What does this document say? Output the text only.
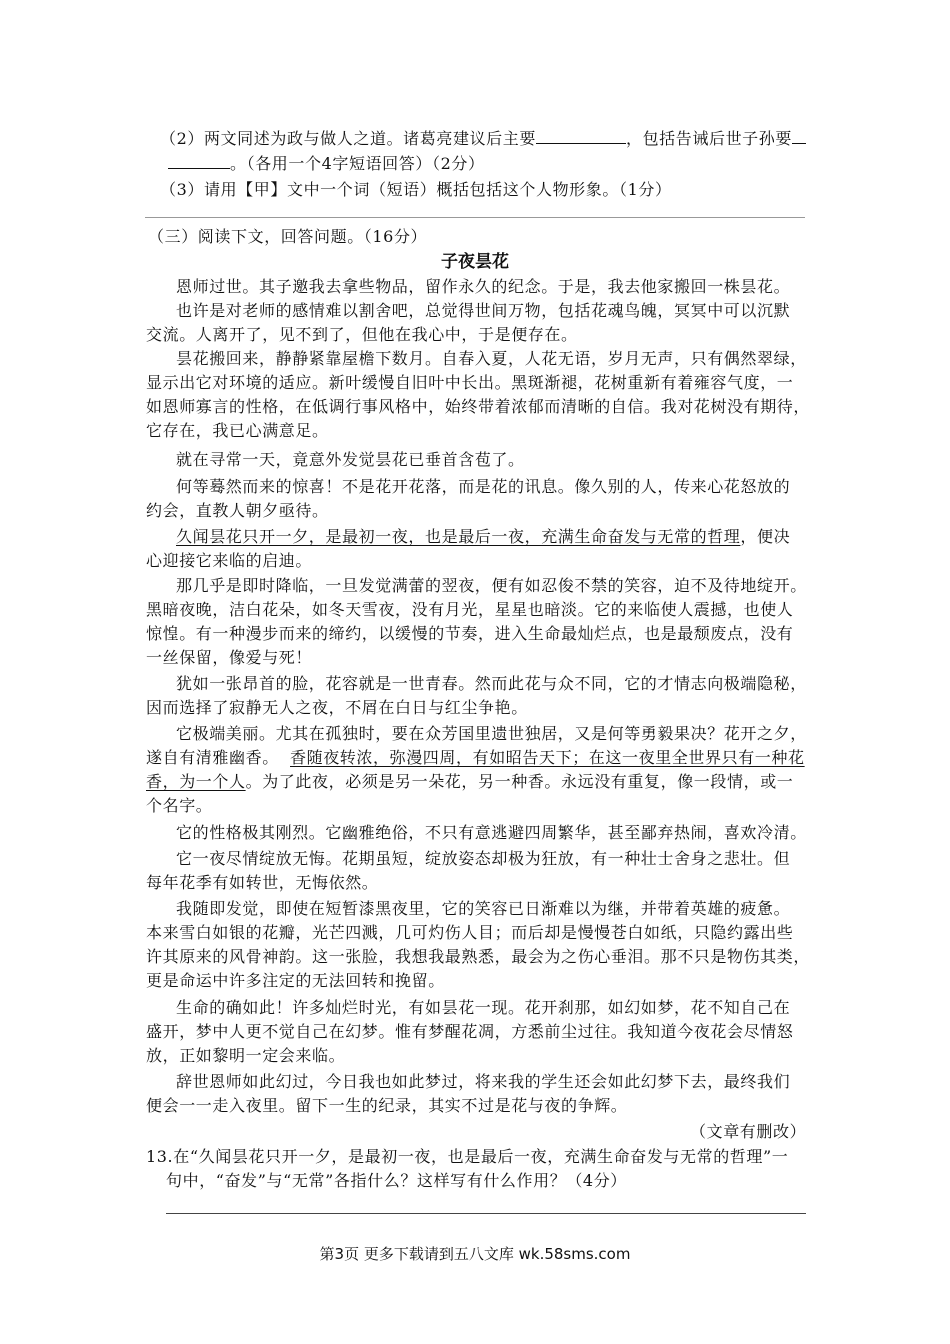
（2）两文同述为政与做人之道。诸葛亮建议后主要	，包括告诫后世子孙要
。（各用一个4字短语回答）（2分）
（3）请用【甲】文中一个词（短语）概括包括这个人物形象。（1分）
（三）阅读下文，回答问题。（16分）
子夜昙花
恩师过世。其子邀我去拿些物品，留作永久的纪念。于是，我去他家搬回一株昙花。
也许是对老师的感情难以割舍吧，总觉得世间万物，包括花魂鸟魄，冥冥中可以沉默
交流。人离开了，见不到了，但他在我心中，于是便存在。
昙花搬回来，静静紧靠屋檐下数月。自春入夏，人花无语，岁月无声，只有偶然翠绿，
显示出它对环境的适应。新叶缓慢自旧叶中长出。黑斑渐褪，花树重新有着雍容气度，一
如恩师寡言的性格，在低调行事风格中，始终带着浓郁而清晰的自信。我对花树没有期待，
它存在，我已心满意足。
就在寻常一天，竟意外发觉昙花已垂首含苞了。
何等蓦然而来的惊喜！不是花开花落，而是花的讯息。像久别的人，传来心花怒放的
约会，直教人朝夕亟待。
久闻昙花只开一夕，是最初一夜，也是最后一夜，充满生命奋发与无常的哲理，便决
心迎接它来临的启迪。
那几乎是即时降临，一旦发觉满蕾的翌夜，便有如忍俊不禁的笑容，迫不及待地绽开。
黑暗夜晚，洁白花朵，如冬天雪夜，没有月光，星星也暗淡。它的来临使人震撼，也使人
惊惶。有一种漫步而来的缔约，以缓慢的节奏，进入生命最灿烂点，也是最颓废点，没有
一丝保留，像爱与死！
犹如一张昂首的脸，花容就是一世青春。然而此花与众不同，它的才情志向极端隐秘，
因而选择了寂静无人之夜，不屑在白日与红尘争艳。
它极端美丽。尤其在孤独时，要在众芳国里遗世独居，又是何等勇毅果决？花开之夕，
遂自有清雅幽香。 香随夜转浓，弥漫四周，有如昭告天下；在这一夜里全世界只有一种花
香，为一个人。为了此夜，必须是另一朵花，另一种香。永远没有重复，像一段情，或一
个名字。
它的性格极其刚烈。它幽雅绝俗，不只有意逃避四周繁华，甚至鄙弃热闹，喜欢冷清。
它一夜尽情绽放无悔。花期虽短，绽放姿态却极为狂放，有一种壮士舍身之悲壮。但
每年花季有如转世，无悔依然。
我随即发觉，即使在短暂漆黑夜里，它的笑容已日渐难以为继，并带着英雄的疲惫。
本来雪白如银的花瓣，光芒四溅，几可灼伤人目；而后却是慢慢苍白如纸，只隐约露出些
许其原来的风骨神韵。这一张脸，我想我最熟悉，最会为之伤心垂泪。那不只是物伤其类，
更是命运中许多注定的无法回转和挽留。
生命的确如此！许多灿烂时光，有如昙花一现。花开刹那，如幻如梦，花不知自己在
盛开，梦中人更不觉自己在幻梦。惟有梦醒花凋，方悉前尘过往。我知道今夜花会尽情怒
放，正如黎明一定会来临。
辞世恩师如此幻过，今日我也如此梦过，将来我的学生还会如此幻梦下去，最终我们
便会一一走入夜里。留下一生的纪录，其实不过是花与夜的争辉。
（文章有删改）
13.在“久闻昙花只开一夕，是最初一夜，也是最后一夜，充满生命奋发与无常的哲理”一
句中，“奋发”与“无常”各指什么？这样写有什么作用？（4分）
第3页 更多下载请到五八文库 wk.58sms.com
